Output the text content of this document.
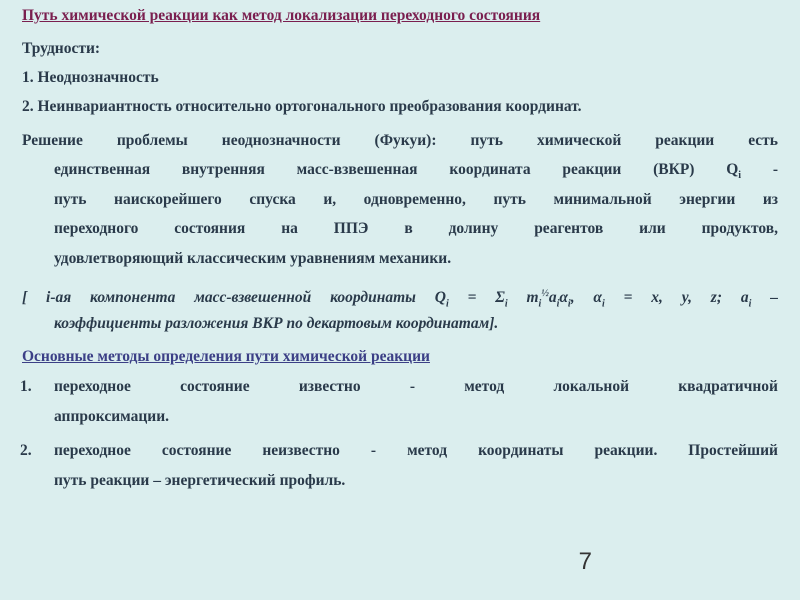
Путь химической реакции как метод локализации переходного состояния
Трудности:
1. Неоднозначность
2. Неинвариантность относительно ортогонального преобразования координат.
Решение проблемы неоднозначности (Фукуи): путь химической реакции есть
единственная внутренняя масс-взвешенная координата реакции (ВКР) $Q_i$ -
путь наискорейшего спуска и, одновременно, путь минимальной энергии из
переходного состояния на ППЭ в долину реагентов или продуктов,
удовлетворяющий классическим уравнениям механики.
[ i-ая компонента масс-взвешенной координаты $Q_i = \Sigma_i$ $m_i^{\frac{1}{2}}a_i\alpha_i$, $\alpha_i = x$, y, z; $a_i$ –
коэффициенты разложения ВКР по декартовым координатам].
Основные методы определения пути химической реакции
1. переходное состояние известно - метод локальной квадратичной
аппроксимации.
2. переходное состояние неизвестно - метод координаты реакции. Простейший
путь реакции – энергетический профиль.
7
